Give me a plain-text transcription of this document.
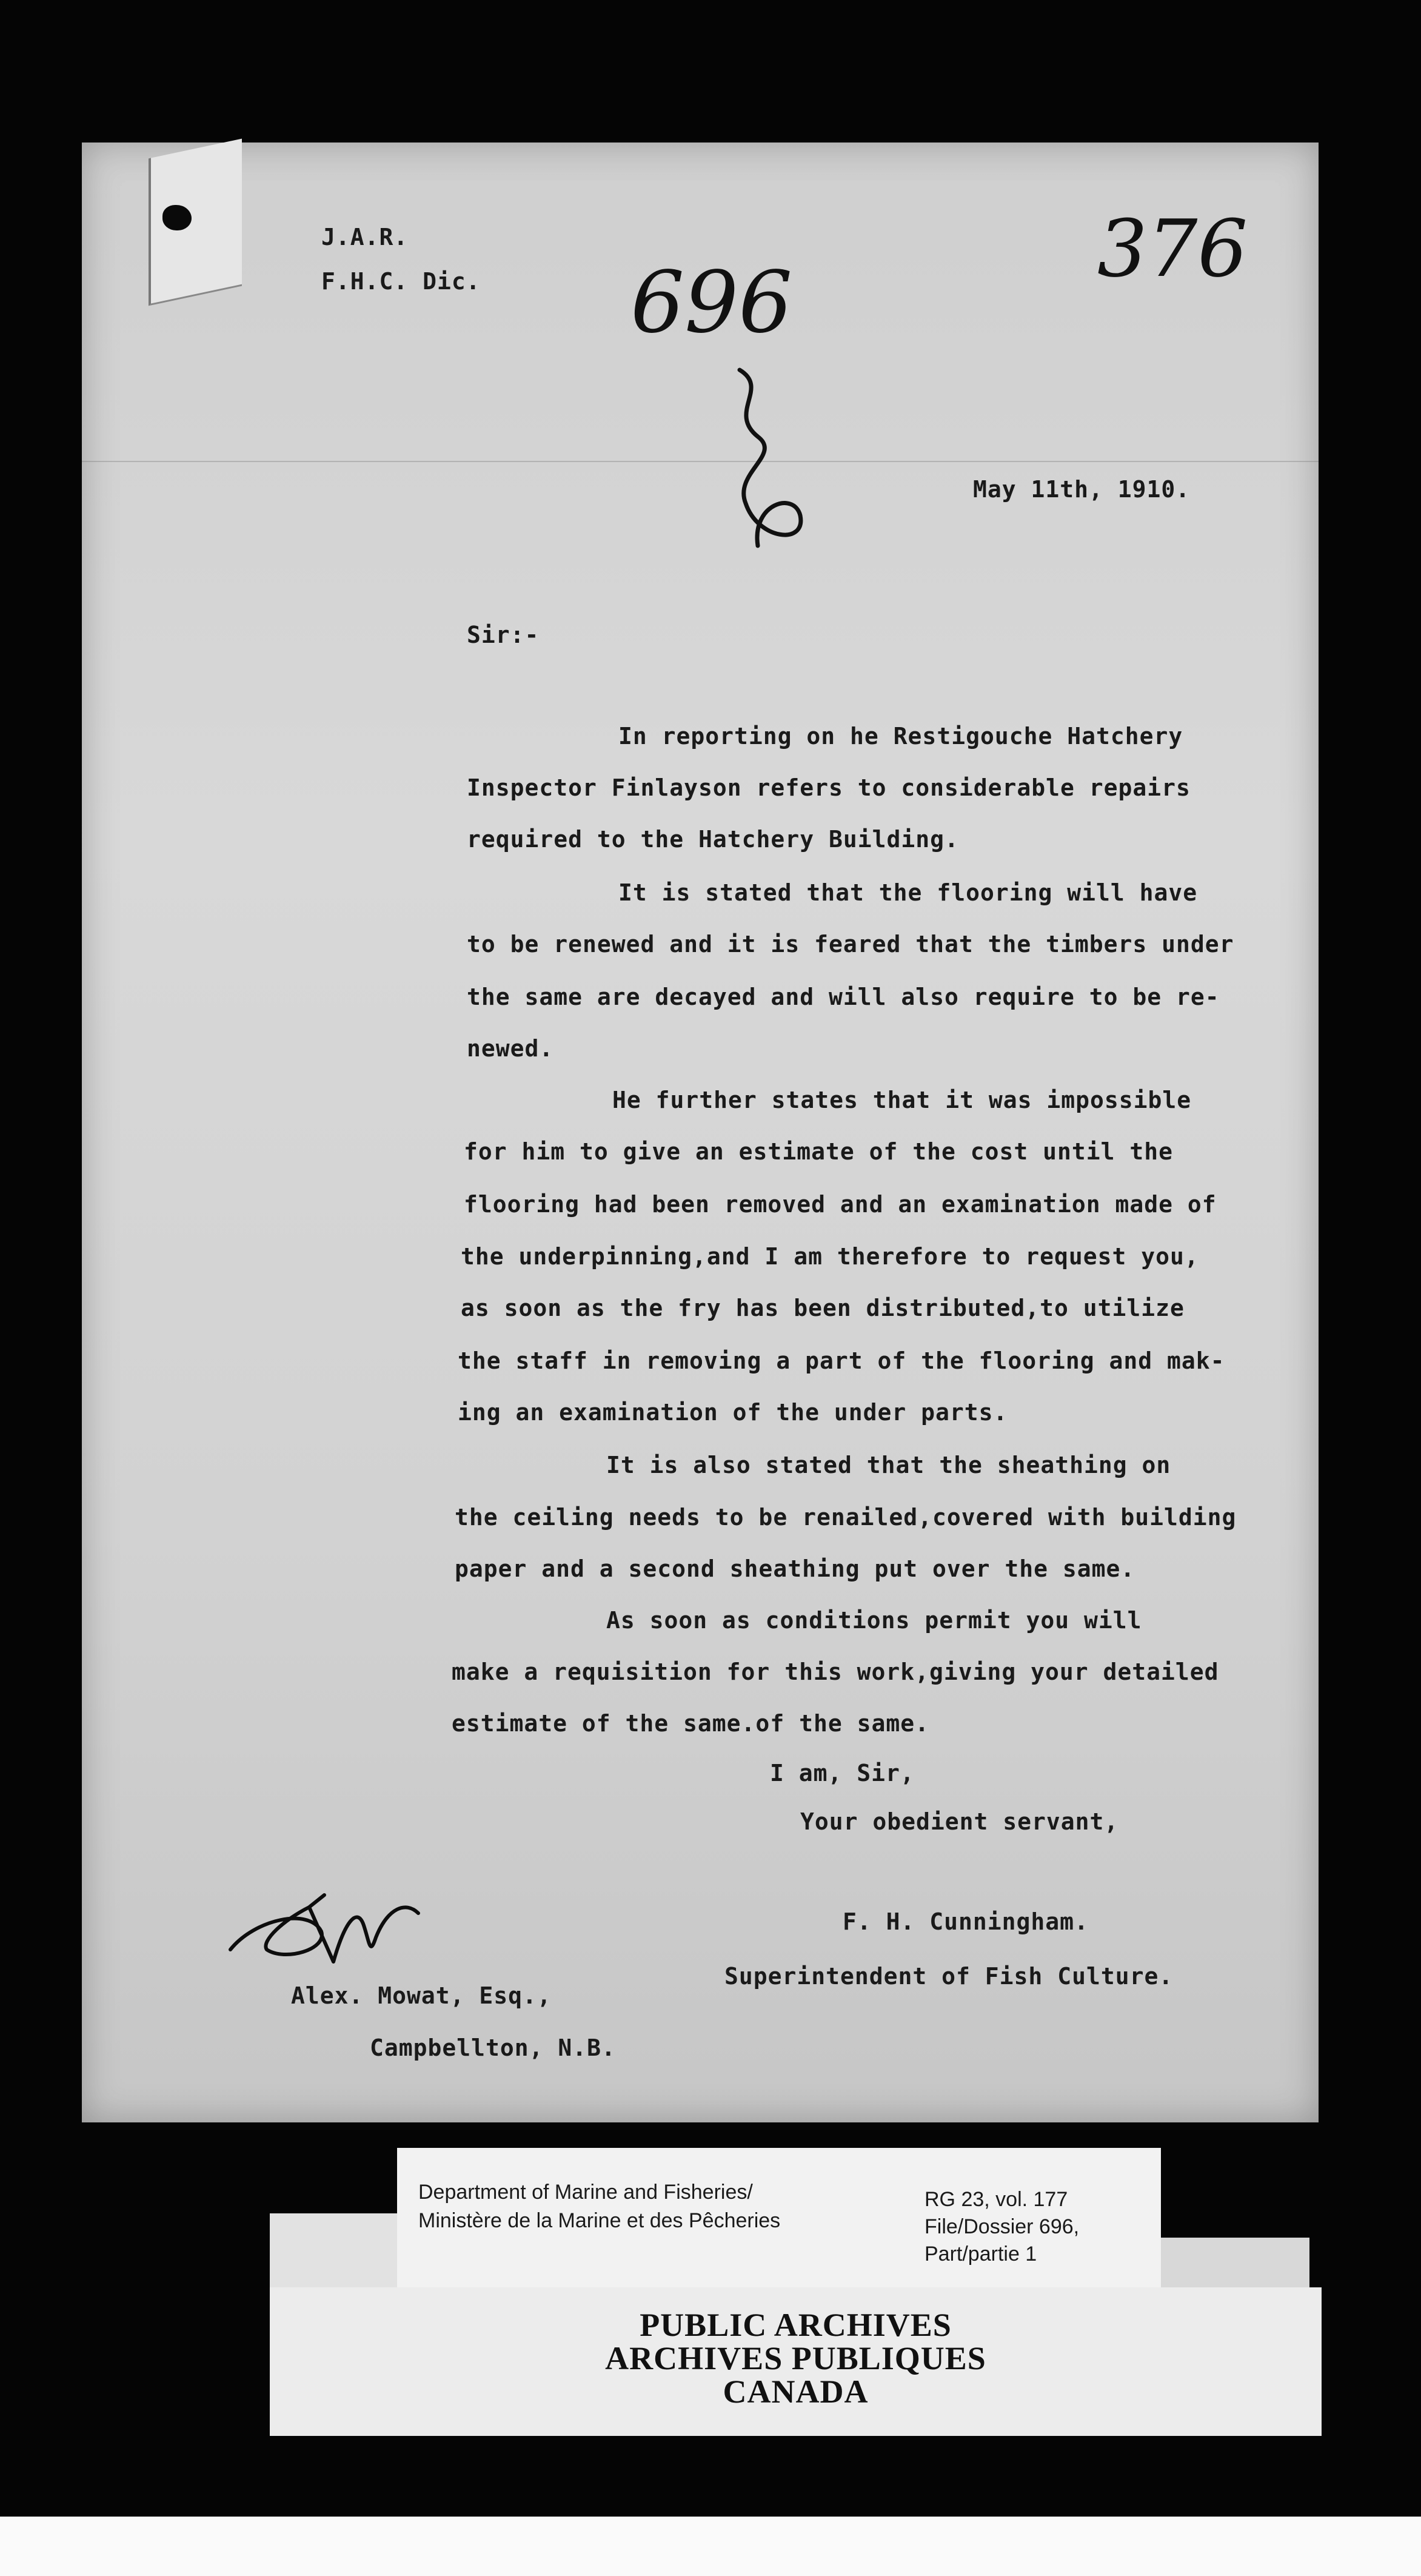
J.A.R.
F.H.C. Dic. 696
376
May 11th, 1910.
Sir:-
In reporting on he Restigouche Hatchery
Inspector Finlayson refers to considerable repairs
required to the Hatchery Building.
It is stated that the flooring will have
to be renewed and it is feared that the timbers under
the same are decayed and will also require to be re-
newed.
He further states that it was impossible
for him to give an estimate of the cost until the
flooring had been removed and an examination made of
the underpinning,and I am therefore to request you,
as soon as the fry has been distributed,to utilize
the staff in removing a part of the flooring and mak-
ing an examination of the under parts.
It is also stated that the sheathing on
the ceiling needs to be renailed,covered with building
paper and a second sheathing put over the same.
As soon as conditions permit you will
make a requisition for this work,giving your detailed
estimate of the same.of the same.
I am, Sir,
Your obedient servant,
F. H. Cunningham.
Superintendent of Fish Culture.
Alex. Mowat, Esq.,
Campbellton, N.B.
Department of Marine and Fisheries/
Ministère de la Marine et des Pêcheries
RG 23, vol. 177
File/Dossier 696,
Part/partie 1
PUBLIC ARCHIVES
ARCHIVES PUBLIQUES
CANADA
